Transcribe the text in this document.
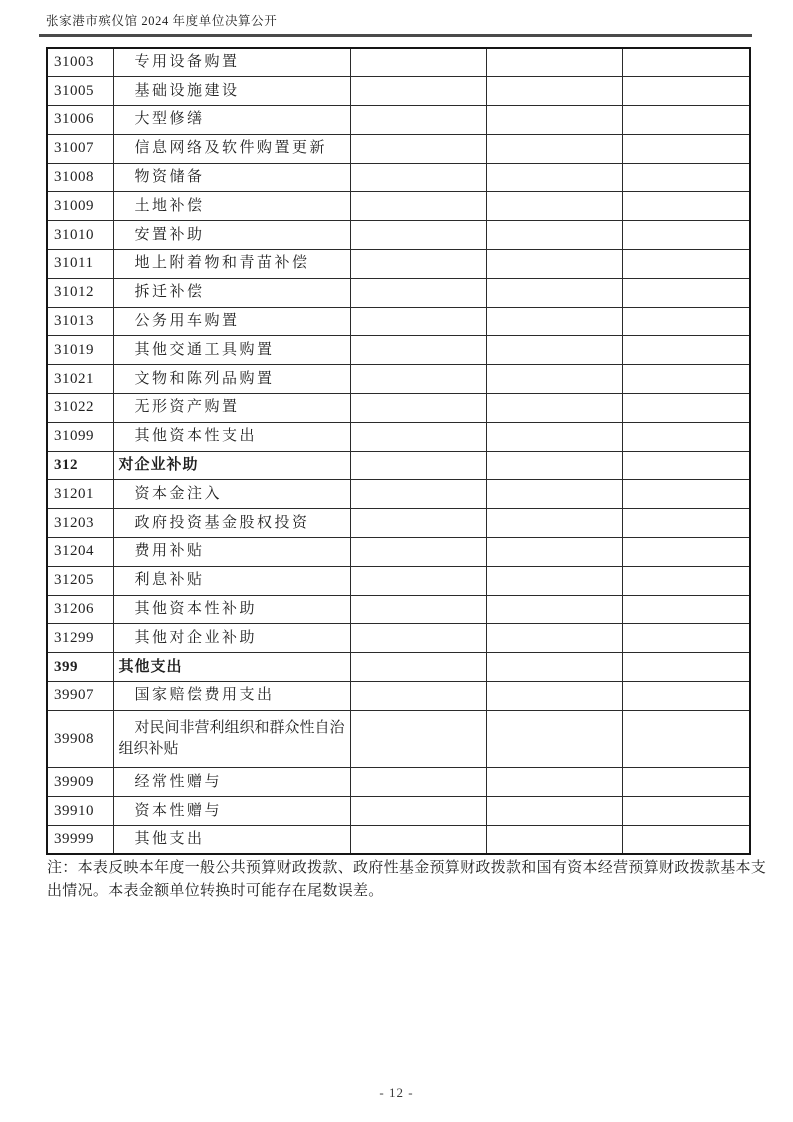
张家港市殡仪馆 2024 年度单位决算公开
31003	专用设备购置			
31005	基础设施建设			
31006	大型修缮			
31007	信息网络及软件购置更新			
31008	物资储备			
31009	土地补偿			
31010	安置补助			
31011	地上附着物和青苗补偿			
31012	拆迁补偿			
31013	公务用车购置			
31019	其他交通工具购置			
31021	文物和陈列品购置			
31022	无形资产购置			
31099	其他资本性支出			
312	对企业补助			
31201	资本金注入			
31203	政府投资基金股权投资			
31204	费用补贴			
31205	利息补贴			
31206	其他资本性补助			
31299	其他对企业补助			
399	其他支出			
39907	国家赔偿费用支出			
39908	对民间非营利组织和群众性自治组织补贴			
39909	经常性赠与			
39910	资本性赠与			
39999	其他支出			
注：本表反映本年度一般公共预算财政拨款、政府性基金预算财政拨款和国有资本经营预算财政拨款基本支
出情况。本表金额单位转换时可能存在尾数误差。
- 12 -
